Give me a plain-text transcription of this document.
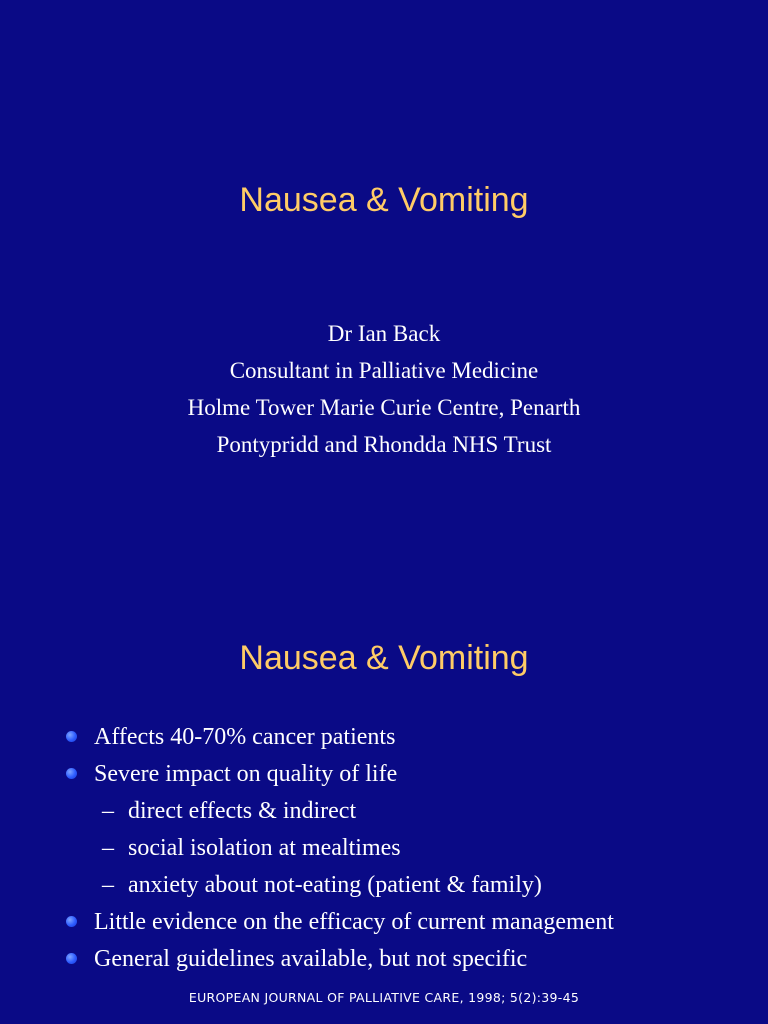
Nausea & Vomiting
Dr Ian Back
Consultant in Palliative Medicine
Holme Tower Marie Curie Centre, Penarth
Pontypridd and Rhondda NHS Trust
Nausea & Vomiting
Affects 40-70% cancer patients
Severe impact on quality of life
– direct effects & indirect
– social isolation at mealtimes
– anxiety about not-eating (patient & family)
Little evidence on the efficacy of current management
General guidelines available, but not specific
EUROPEAN JOURNAL OF PALLIATIVE CARE, 1998; 5(2):39-45
